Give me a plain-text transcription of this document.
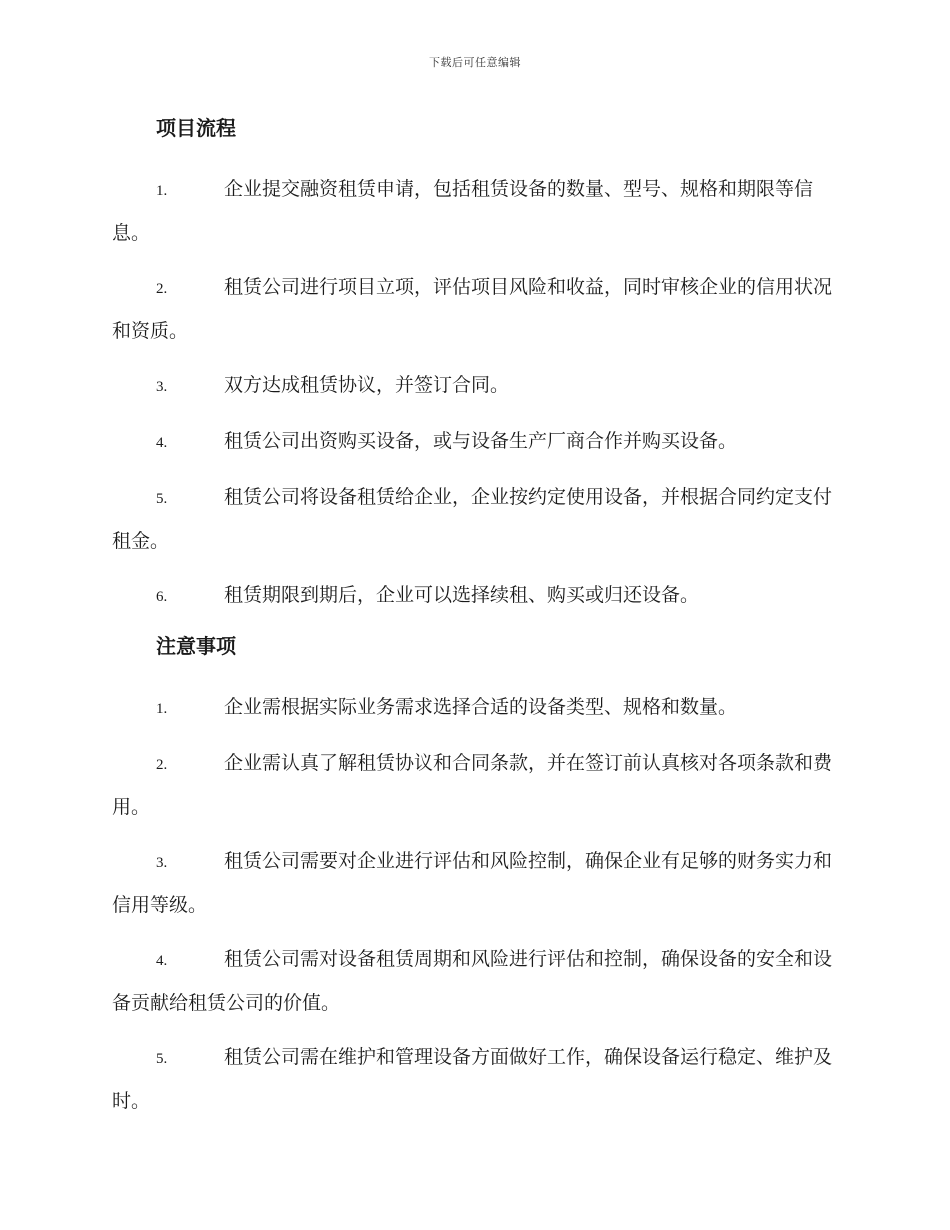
下载后可任意编辑
项目流程
1.	企业提交融资租赁申请，包括租赁设备的数量、型号、规格和期限等信息。
2.	租赁公司进行项目立项，评估项目风险和收益，同时审核企业的信用状况和资质。
3.	双方达成租赁协议，并签订合同。
4.	租赁公司出资购买设备，或与设备生产厂商合作并购买设备。
5.	租赁公司将设备租赁给企业，企业按约定使用设备，并根据合同约定支付租金。
6.	租赁期限到期后，企业可以选择续租、购买或归还设备。
注意事项
1.	企业需根据实际业务需求选择合适的设备类型、规格和数量。
2.	企业需认真了解租赁协议和合同条款，并在签订前认真核对各项条款和费用。
3.	租赁公司需要对企业进行评估和风险控制，确保企业有足够的财务实力和信用等级。
4.	租赁公司需对设备租赁周期和风险进行评估和控制，确保设备的安全和设备贡献给租赁公司的价值。
5.	租赁公司需在维护和管理设备方面做好工作，确保设备运行稳定、维护及时。
